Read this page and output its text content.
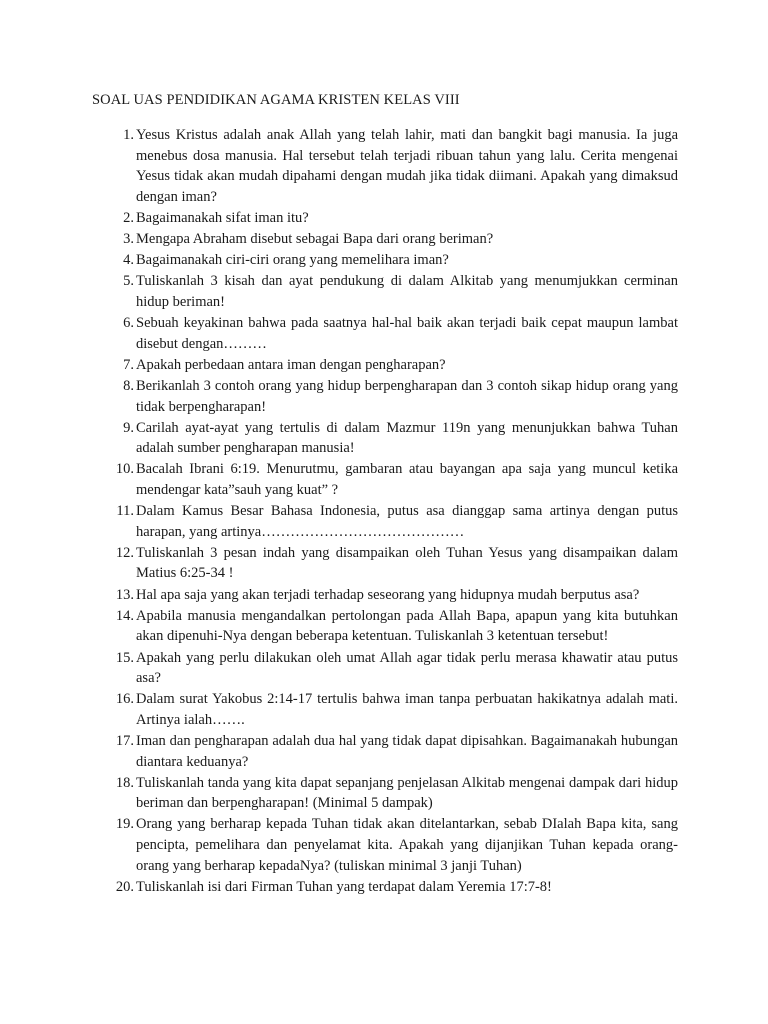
SOAL UAS PENDIDIKAN AGAMA KRISTEN KELAS VIII
1. Yesus Kristus adalah anak Allah yang telah lahir, mati dan bangkit bagi manusia. Ia juga menebus dosa manusia. Hal tersebut telah terjadi ribuan tahun yang lalu. Cerita mengenai Yesus tidak akan mudah dipahami dengan mudah jika tidak diimani. Apakah yang dimaksud dengan iman?
2. Bagaimanakah sifat iman itu?
3. Mengapa Abraham disebut sebagai Bapa dari orang beriman?
4. Bagaimanakah ciri-ciri orang yang memelihara iman?
5. Tuliskanlah 3 kisah dan ayat pendukung di dalam Alkitab yang menumjukkan cerminan hidup beriman!
6. Sebuah keyakinan bahwa pada saatnya hal-hal baik akan terjadi baik cepat maupun lambat disebut dengan………
7. Apakah perbedaan antara iman dengan pengharapan?
8. Berikanlah 3 contoh orang yang hidup berpengharapan dan 3 contoh sikap hidup orang yang tidak berpengharapan!
9. Carilah ayat-ayat yang tertulis di dalam Mazmur 119n yang menunjukkan bahwa Tuhan adalah sumber pengharapan manusia!
10. Bacalah Ibrani 6:19. Menurutmu, gambaran atau bayangan apa saja yang muncul ketika mendengar kata”sauh yang kuat” ?
11. Dalam Kamus Besar Bahasa Indonesia, putus asa dianggap sama artinya dengan putus harapan, yang artinya……………………………………
12. Tuliskanlah 3 pesan indah yang disampaikan oleh Tuhan Yesus yang disampaikan dalam Matius 6:25-34 !
13. Hal apa saja yang akan terjadi terhadap seseorang yang hidupnya mudah berputus asa?
14. Apabila manusia mengandalkan pertolongan pada Allah Bapa, apapun yang kita butuhkan akan dipenuhi-Nya dengan beberapa ketentuan. Tuliskanlah 3 ketentuan tersebut!
15. Apakah yang perlu dilakukan oleh umat Allah agar tidak perlu merasa khawatir atau putus asa?
16. Dalam surat Yakobus 2:14-17 tertulis bahwa iman tanpa perbuatan hakikatnya adalah mati. Artinya ialah…….
17. Iman dan pengharapan adalah dua hal yang tidak dapat dipisahkan. Bagaimanakah hubungan diantara keduanya?
18. Tuliskanlah tanda yang kita dapat sepanjang penjelasan Alkitab mengenai dampak dari hidup beriman dan berpengharapan! (Minimal 5 dampak)
19. Orang yang berharap kepada Tuhan tidak akan ditelantarkan, sebab DIalah Bapa kita, sang pencipta, pemelihara dan penyelamat kita. Apakah yang dijanjikan Tuhan kepada orang-orang yang berharap kepadaNya? (tuliskan minimal 3 janji Tuhan)
20. Tuliskanlah isi dari Firman Tuhan yang terdapat dalam Yeremia 17:7-8!
